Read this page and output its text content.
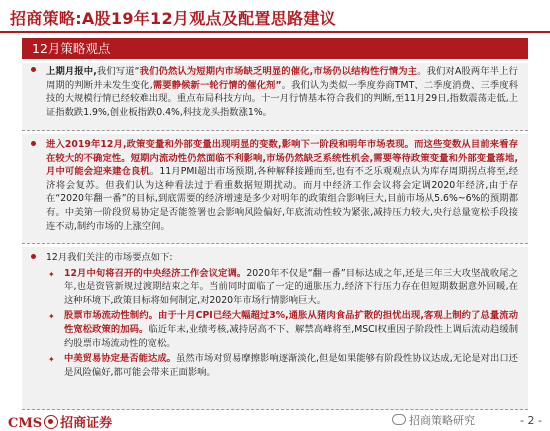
招商策略:A股19年12月观点及配置思路建议
12月策略观点
上期月报中,我们写道“我们仍然认为短期内市场缺乏明显的催化,市场仍以结构性行情为主。我们对A股两年半上行周期的判断并未发生变化,需要静候新一轮行情的催化剂”。我们认为类似一季度券商TMT、二季度消费、三季度科技的大规模行情已经较难出现。重点布局科技方向。十一月行情基本符合我们的判断,至11月29日,指数震荡走低,上证指数跌1.9%,创业板指跌0.4%,科技龙头指数涨1%。
进入2019年12月,政策变量和外部变量出现明显的变数,影响下一阶段和明年市场表现。而这些变数从目前来看存在较大的不确定性。短期内流动性仍然面临不利影响,市场仍然缺乏系统性机会,需要等待政策变量和外部变量落地,月中可能会迎来建仓良机。11月PMI超出市场预期,各种解释接踵而至,也有不乏乐观观点认为库存周期拐点将至,经济将会复苏。但我们认为这种看法过于看重数据短期扰动。而月中经济工作会议将会定调2020年经济,由于存在“2020年翻一番”的目标,到底需要的经济增速是多少对明年的政策组合影响巨大,目前市场从5.6%~6%的预期都有。中美第一阶段贸易协定是否能签署也会影响风险偏好,年底流动性较为紧张,减持压力较大,央行总量宽松手段接连不动,制约市场的上涨空间。
12月我们关注的市场要点如下:
✦ 12月中旬将召开的中央经济工作会议定调。2020年不仅是“翻一番”目标达成之年,还是三年三大攻坚战收尾之年,也是资管新规过渡期结束之年。当前同时面临了一定的通胀压力,经济下行压力存在但短期数据意外回暖,在这种环境下,政策目标将如何制定,对2020年市场行情影响巨大。
✦ 股票市场流动性制约。由于十月CPI已经大幅超过3%,通胀从猪肉食品扩散的担忧出现,客观上制约了总量流动性宽松政策的加码。临近年末,业绩考核,减持居高不下、解禁高峰将至,MSCI权重因子阶段性上调后流动趋缓制约股票市场流动性的宽松。
✦ 中美贸易协定是否能达成。虽然市场对贸易摩擦影响逐渐淡化,但是如果能够有阶段性协议达成,无论是对出口还是风险偏好,都可能会带来正面影响。
CMS 招商证券	招商策略研究	- 2 -
